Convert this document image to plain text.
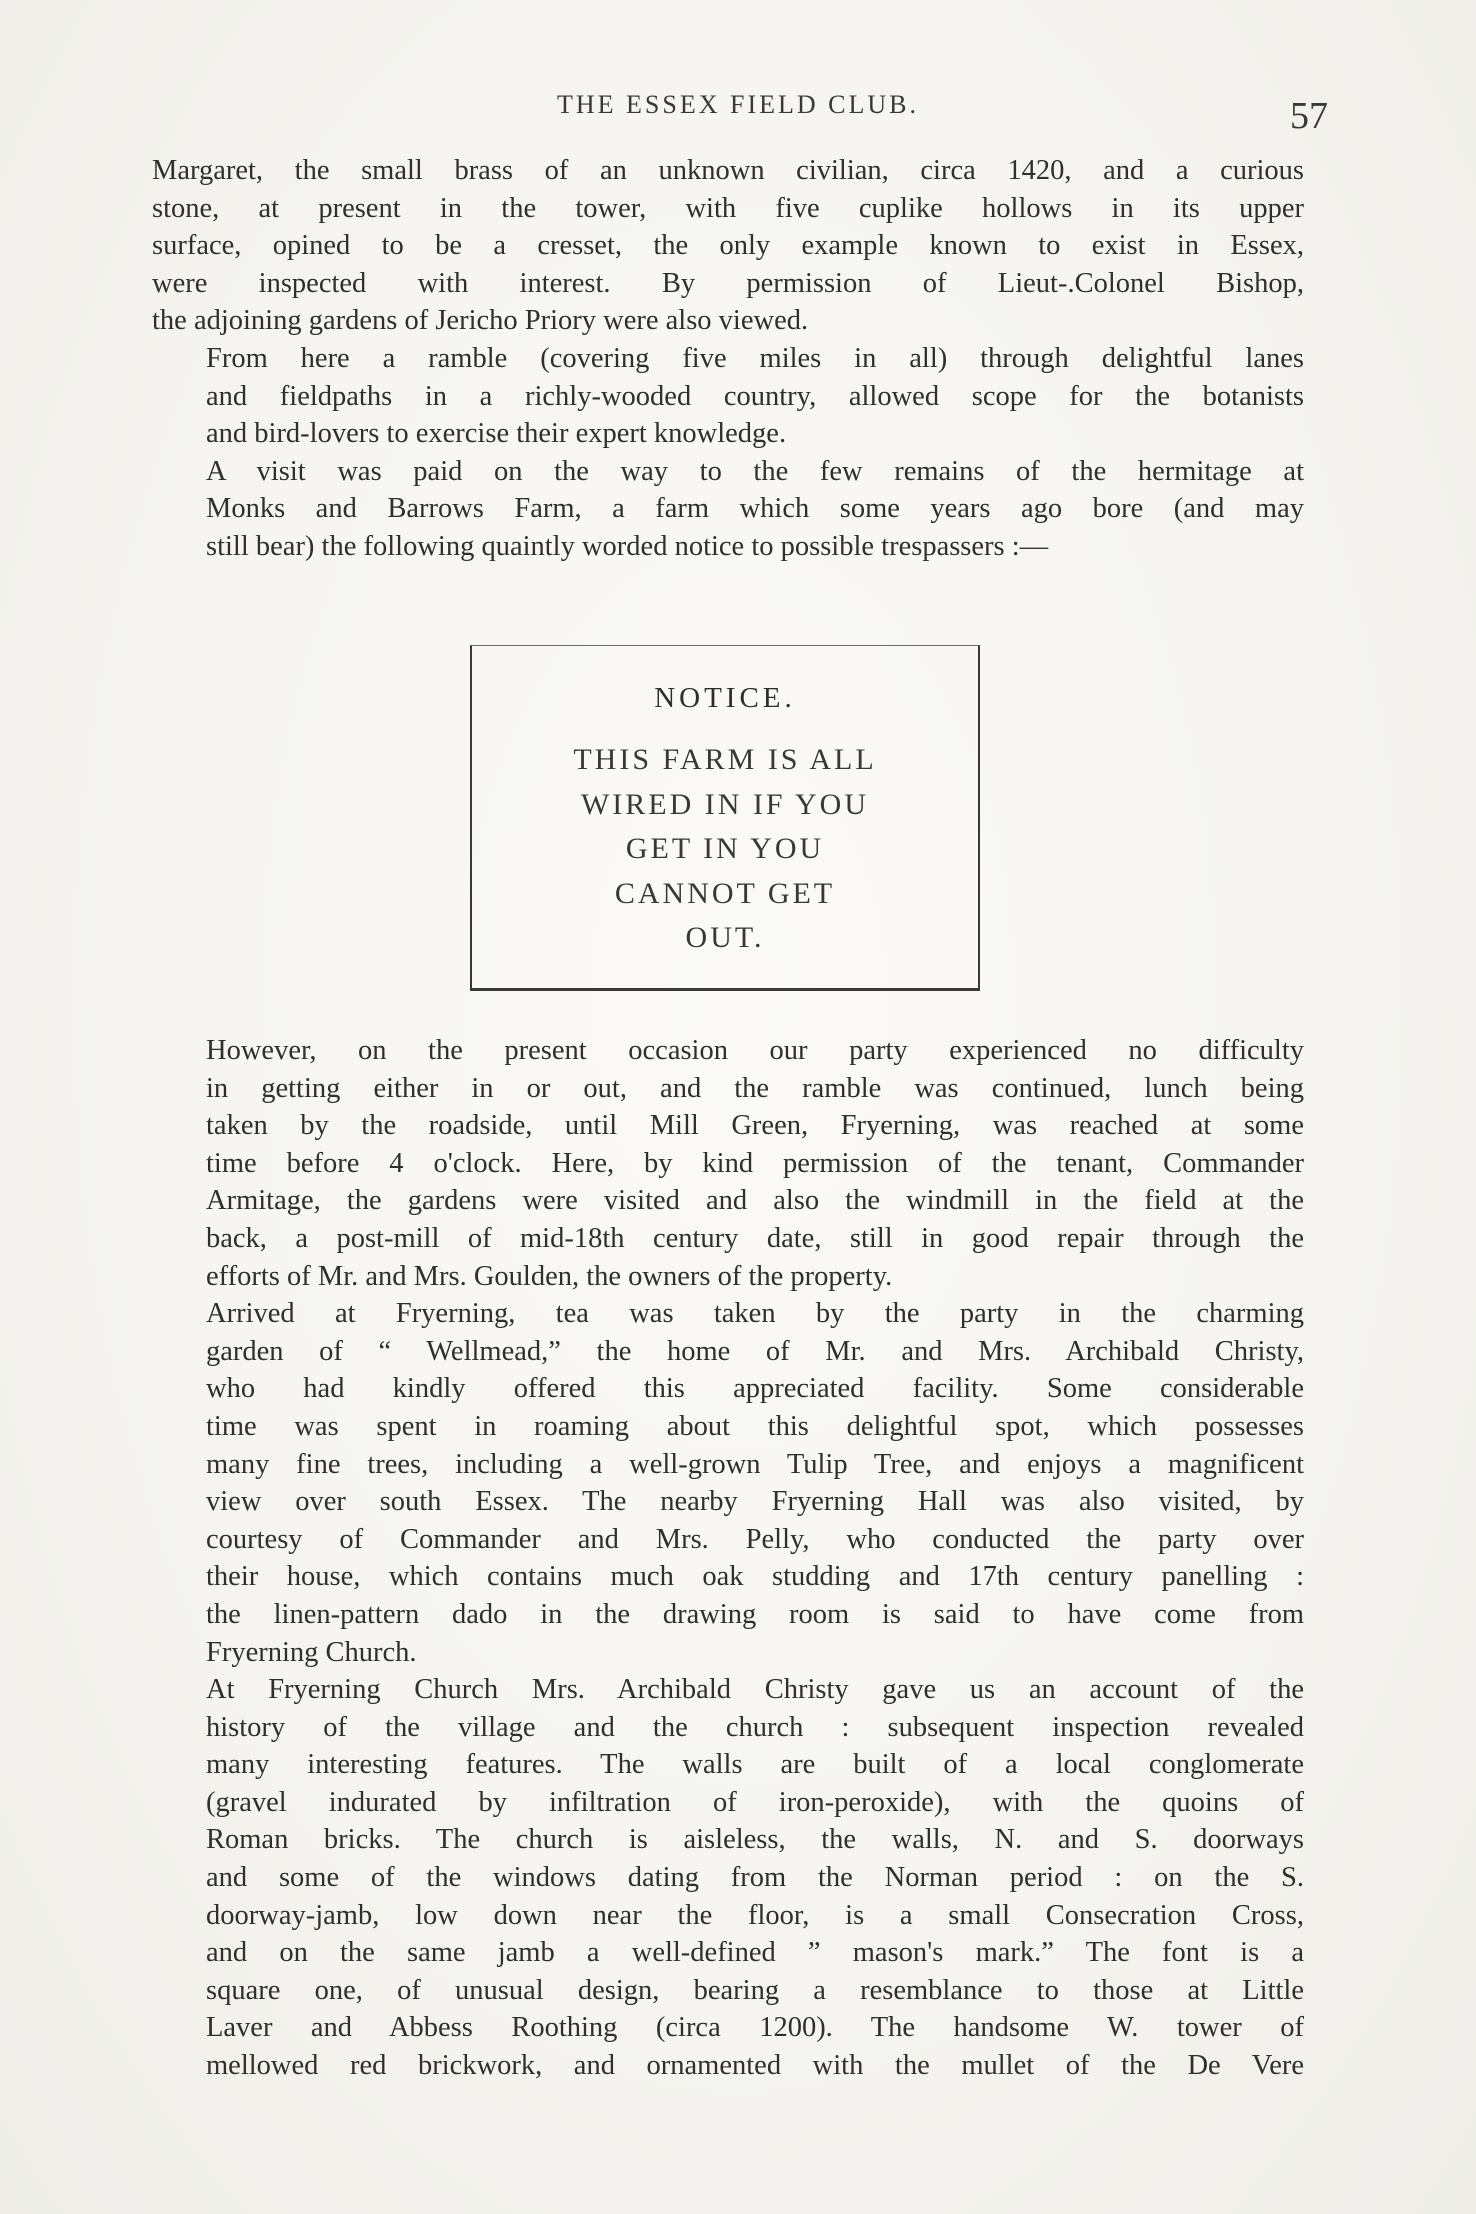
THE ESSEX FIELD CLUB.	57

Margaret, the small brass of an unknown civilian, circa 1420, and a curious
stone, at present in the tower, with five cuplike hollows in its upper
surface, opined to be a cresset, the only example known to exist in Essex,
were inspected with interest. By permission of Lieut-.Colonel Bishop,
the adjoining gardens of Jericho Priory were also viewed.

From here a ramble (covering five miles in all) through delightful lanes
and fieldpaths in a richly-wooded country, allowed scope for the botanists
and bird-lovers to exercise their expert knowledge.

A visit was paid on the way to the few remains of the hermitage at
Monks and Barrows Farm, a farm which some years ago bore (and may
still bear) the following quaintly worded notice to possible trespassers :—

NOTICE.
THIS FARM IS ALL
WIRED IN IF YOU
GET IN YOU
CANNOT GET
OUT.

However, on the present occasion our party experienced no difficulty
in getting either in or out, and the ramble was continued, lunch being
taken by the roadside, until Mill Green, Fryerning, was reached at some
time before 4 o'clock. Here, by kind permission of the tenant, Commander
Armitage, the gardens were visited and also the windmill in the field at the
back, a post-mill of mid-18th century date, still in good repair through the
efforts of Mr. and Mrs. Goulden, the owners of the property.

Arrived at Fryerning, tea was taken by the party in the charming
garden of “ Wellmead,” the home of Mr. and Mrs. Archibald Christy,
who had kindly offered this appreciated facility. Some considerable
time was spent in roaming about this delightful spot, which possesses
many fine trees, including a well-grown Tulip Tree, and enjoys a magnificent
view over south Essex. The nearby Fryerning Hall was also visited, by
courtesy of Commander and Mrs. Pelly, who conducted the party over
their house, which contains much oak studding and 17th century panelling :
the linen-pattern dado in the drawing room is said to have come from
Fryerning Church.

At Fryerning Church Mrs. Archibald Christy gave us an account of the
history of the village and the church : subsequent inspection revealed
many interesting features. The walls are built of a local conglomerate
(gravel indurated by infiltration of iron-peroxide), with the quoins of
Roman bricks. The church is aisleless, the walls, N. and S. doorways
and some of the windows dating from the Norman period : on the S.
doorway-jamb, low down near the floor, is a small Consecration Cross,
and on the same jamb a well-defined ” mason's mark.” The font is a
square one, of unusual design, bearing a resemblance to those at Little
Laver and Abbess Roothing (circa 1200). The handsome W. tower of
mellowed red brickwork, and ornamented with the mullet of the De Vere
